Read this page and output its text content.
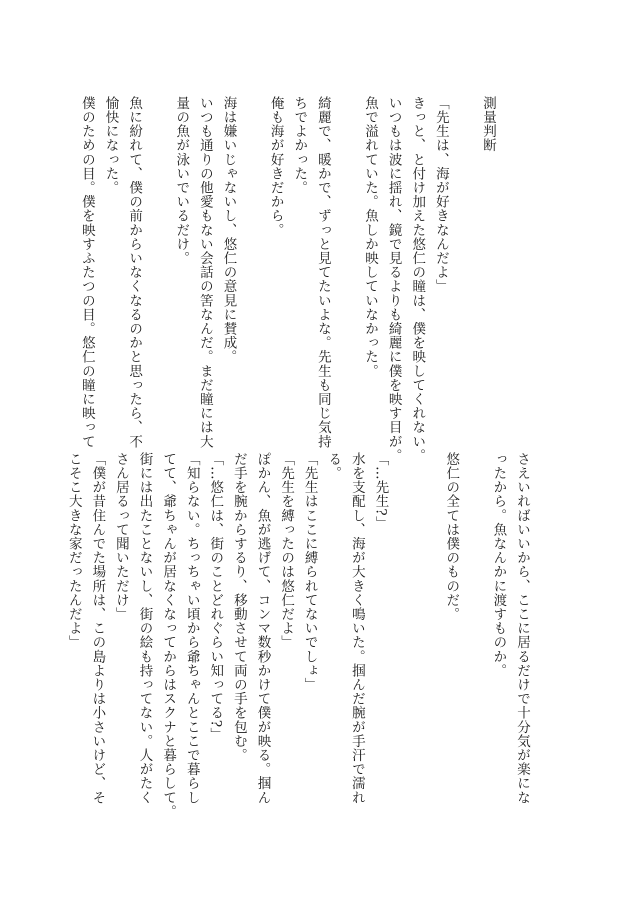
測量判断
「先生は、海が好きなんだよ」
きっと、と付け加えた悠仁の瞳は、僕を映してくれない。
いつもは波に揺れ、鏡で見るよりも綺麗に僕を映す目が。
魚で溢れていた。魚しか映していなかった。
綺麗で、暖かで、ずっと見てたいよな。先生も同じ気持
ちでよかった。
俺も海が好きだから。
海は嫌いじゃないし、悠仁の意見に賛成。
いつも通りの他愛もない会話の筈なんだ。まだ瞳には大
量の魚が泳いでいるだけ。
魚に紛れて、僕の前からいなくなるのかと思ったら、不
愉快になった。
僕のための目。僕を映すふたつの目。悠仁の瞳に映って
さえいればいいから、ここに居るだけで十分気が楽にな
ったから。魚なんかに渡すものか。
悠仁の全ては僕のものだ。
「…先生?」
水を支配し、海が大きく鳴いた。掴んだ腕が手汗で濡れ
る。
「先生はここに縛られてないでしょ」
「先生を縛ったのは悠仁だよ」
ぽかん、魚が逃げて、コンマ数秒かけて僕が映る。掴ん
だ手を腕からするり、移動させて両の手を包む。
「…悠仁は、街のことどれぐらい知ってる?」
「知らない。ちっちゃい頃から爺ちゃんとここで暮らし
てて、爺ちゃんが居なくなってからはスクナと暮らして。
街には出たことないし、街の絵も持ってない。人がたく
さん居るって聞いただけ」
「僕が昔住んでた場所は、この島よりは小さいけど、そ
こそこ大きな家だったんだよ」
